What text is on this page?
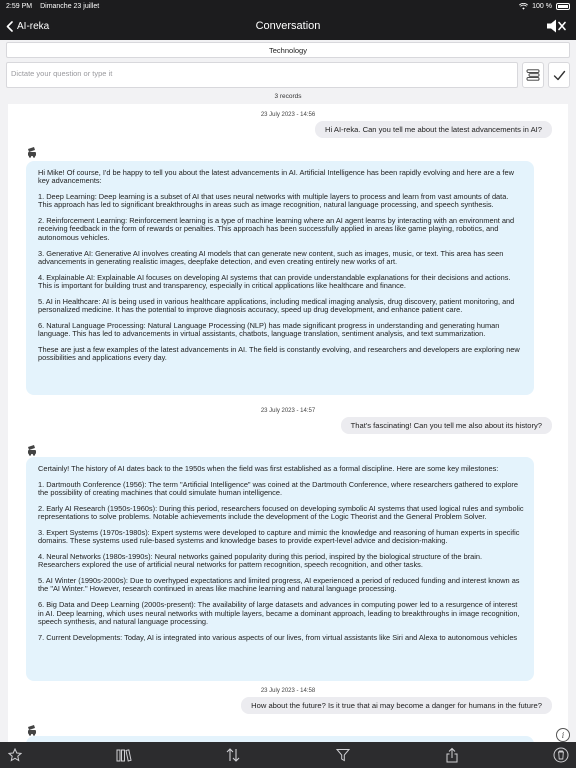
2:59 PM Dimanche 23 juillet	100 %
AI-reka	Conversation
Technology
Dictate your question or type it
3 records
23 July 2023 - 14:56
Hi AI-reka. Can you tell me about the latest advancements in AI?

Hi Mike! Of course, I'd be happy to tell you about the latest advancements in AI. Artificial Intelligence has been rapidly evolving and here are a few key advancements:

1. Deep Learning: Deep learning is a subset of AI that uses neural networks with multiple layers to process and learn from vast amounts of data. This approach has led to significant breakthroughs in areas such as image recognition, natural language processing, and speech synthesis.

2. Reinforcement Learning: Reinforcement learning is a type of machine learning where an AI agent learns by interacting with an environment and receiving feedback in the form of rewards or penalties. This approach has been successfully applied in areas like game playing, robotics, and autonomous vehicles.

3. Generative AI: Generative AI involves creating AI models that can generate new content, such as images, music, or text. This area has seen advancements in generating realistic images, deepfake detection, and even creating entirely new works of art.

4. Explainable AI: Explainable AI focuses on developing AI systems that can provide understandable explanations for their decisions and actions. This is important for building trust and transparency, especially in critical applications like healthcare and finance.

5. AI in Healthcare: AI is being used in various healthcare applications, including medical imaging analysis, drug discovery, patient monitoring, and personalized medicine. It has the potential to improve diagnosis accuracy, speed up drug development, and enhance patient care.

6. Natural Language Processing: Natural Language Processing (NLP) has made significant progress in understanding and generating human language. This has led to advancements in virtual assistants, chatbots, language translation, sentiment analysis, and text summarization.

These are just a few examples of the latest advancements in AI. The field is constantly evolving, and researchers and developers are exploring new possibilities and applications every day.

23 July 2023 - 14:57
That's fascinating! Can you tell me also about its history?

Certainly! The history of AI dates back to the 1950s when the field was first established as a formal discipline. Here are some key milestones:

1. Dartmouth Conference (1956): The term "Artificial Intelligence" was coined at the Dartmouth Conference, where researchers gathered to explore the possibility of creating machines that could simulate human intelligence.

2. Early AI Research (1950s-1960s): During this period, researchers focused on developing symbolic AI systems that used logical rules and symbolic representations to solve problems. Notable achievements include the development of the Logic Theorist and the General Problem Solver.

3. Expert Systems (1970s-1980s): Expert systems were developed to capture and mimic the knowledge and reasoning of human experts in specific domains. These systems used rule-based systems and knowledge bases to provide expert-level advice and decision-making.

4. Neural Networks (1980s-1990s): Neural networks gained popularity during this period, inspired by the biological structure of the brain. Researchers explored the use of artificial neural networks for pattern recognition, speech recognition, and other tasks.

5. AI Winter (1990s-2000s): Due to overhyped expectations and limited progress, AI experienced a period of reduced funding and interest known as the "AI Winter." However, research continued in areas like machine learning and natural language processing.

6. Big Data and Deep Learning (2000s-present): The availability of large datasets and advances in computing power led to a resurgence of interest in AI. Deep learning, which uses neural networks with multiple layers, became a dominant approach, leading to breakthroughs in image recognition, speech synthesis, and natural language processing.

7. Current Developments: Today, AI is integrated into various aspects of our lives, from virtual assistants like Siri and Alexa to autonomous vehicles

23 July 2023 - 14:58
How about the future? Is it true that ai may become a danger for humans in the future?
i
